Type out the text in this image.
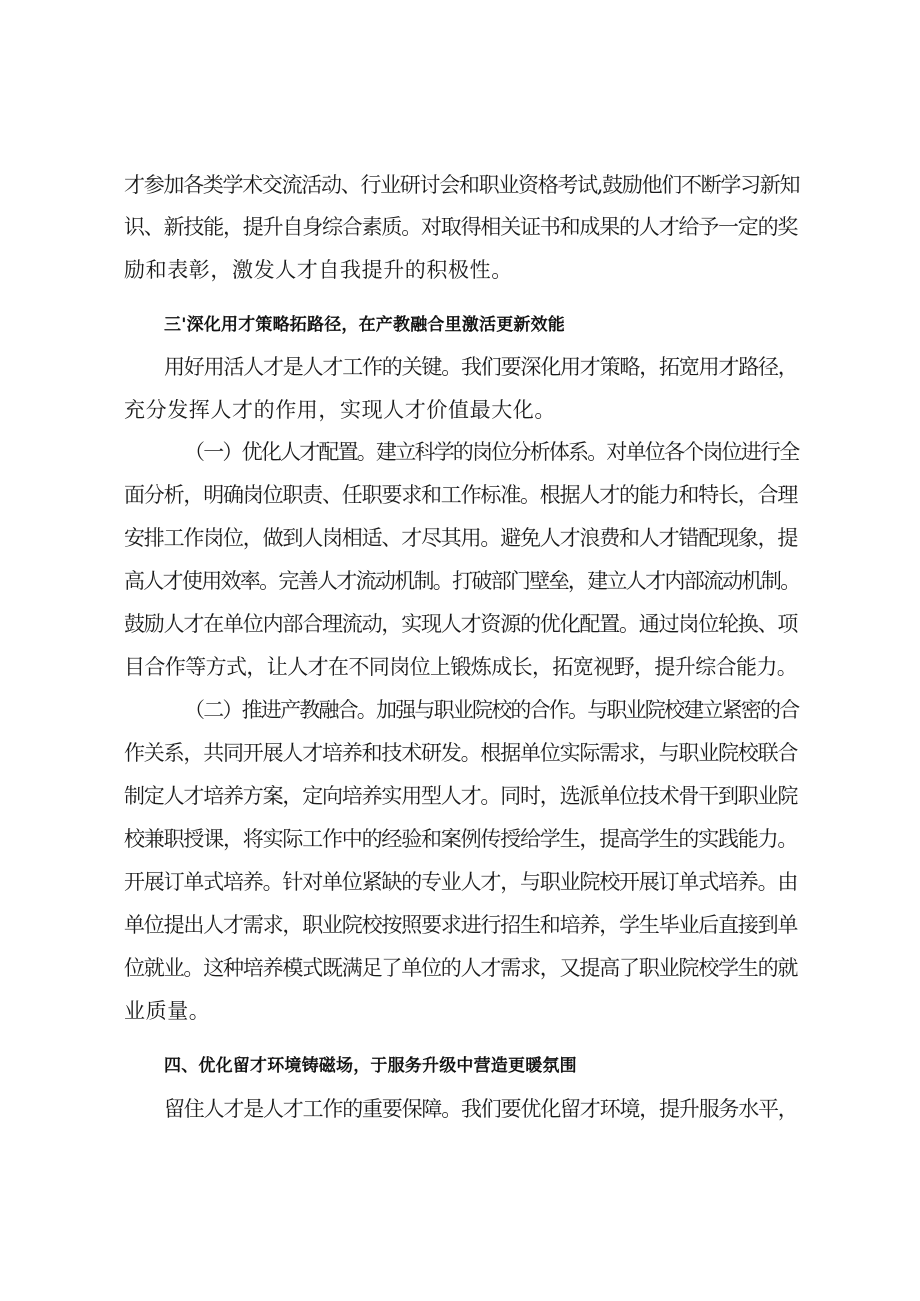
才参加各类学术交流活动、行业研讨会和职业资格考试,鼓励他们不断学习新知
识、新技能，提升自身综合素质。对取得相关证书和成果的人才给予一定的奖
励和表彰，激发人才自我提升的积极性。
三'深化用才策略拓路径，在产教融合里激活更新效能
用好用活人才是人才工作的关键。我们要深化用才策略，拓宽用才路径，
充分发挥人才的作用，实现人才价值最大化。
（一）优化人才配置。建立科学的岗位分析体系。对单位各个岗位进行全
面分析，明确岗位职责、任职要求和工作标准。根据人才的能力和特长，合理
安排工作岗位，做到人岗相适、才尽其用。避免人才浪费和人才错配现象，提
高人才使用效率。完善人才流动机制。打破部门壁垒，建立人才内部流动机制。
鼓励人才在单位内部合理流动，实现人才资源的优化配置。通过岗位轮换、项
目合作等方式，让人才在不同岗位上锻炼成长，拓宽视野，提升综合能力。
（二）推进产教融合。加强与职业院校的合作。与职业院校建立紧密的合
作关系，共同开展人才培养和技术研发。根据单位实际需求，与职业院校联合
制定人才培养方案，定向培养实用型人才。同时，选派单位技术骨干到职业院
校兼职授课，将实际工作中的经验和案例传授给学生，提高学生的实践能力。
开展订单式培养。针对单位紧缺的专业人才，与职业院校开展订单式培养。由
单位提出人才需求，职业院校按照要求进行招生和培养，学生毕业后直接到单
位就业。这种培养模式既满足了单位的人才需求，又提高了职业院校学生的就
业质量。
四、优化留才环境铸磁场，于服务升级中营造更暖氛围
留住人才是人才工作的重要保障。我们要优化留才环境，提升服务水平，
